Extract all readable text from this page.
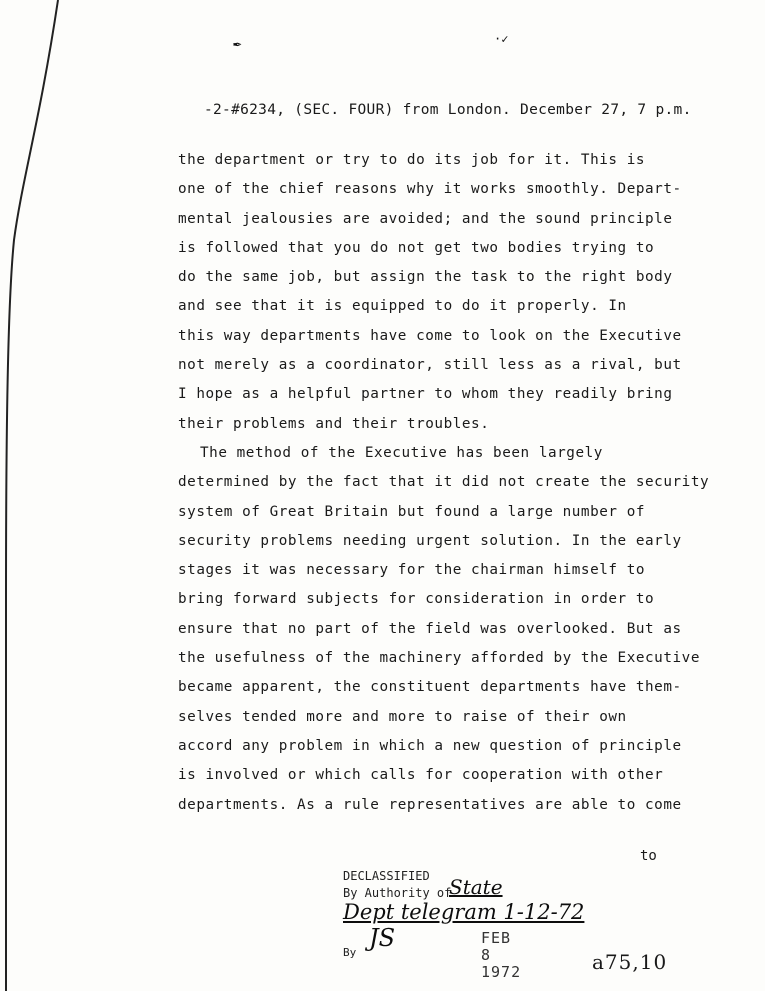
✒	·✓
-2-#6234, (SEC. FOUR) from London. December 27, 7 p.m.
the department or try to do its job for it. This is
one of the chief reasons why it works smoothly. Depart-
mental jealousies are avoided; and the sound principle
is followed that you do not get two bodies trying to
do the same job, but assign the task to the right body
and see that it is equipped to do it properly. In
this way departments have come to look on the Executive
not merely as a coordinator, still less as a rival, but
I hope as a helpful partner to whom they readily bring
their problems and their troubles.
The method of the Executive has been largely
determined by the fact that it did not create the security
system of Great Britain but found a large number of
security problems needing urgent solution. In the early
stages it was necessary for the chairman himself to
bring forward subjects for consideration in order to
ensure that no part of the field was overlooked. But as
the usefulness of the machinery afforded by the Executive
became apparent, the constituent departments have them-
selves tended more and more to raise of their own
accord any problem in which a new question of principle
is involved or which calls for cooperation with other
departments. As a rule representatives are able to come
to
DECLASSIFIED
By Authority of
State
Dept telegram 1-12-72
By
JS	FEB 8 1972	a75,10
